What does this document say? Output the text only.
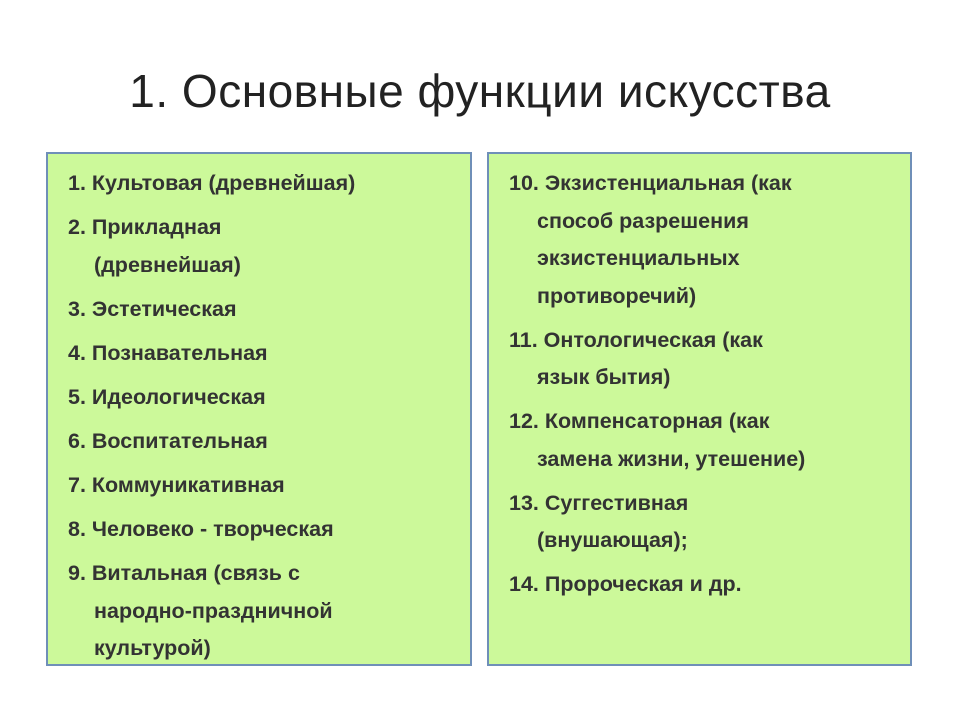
1. Основные функции искусства
1. Культовая (древнейшая)
2. Прикладная
(древнейшая)
3. Эстетическая
4. Познавательная
5. Идеологическая
6. Воспитательная
7. Коммуникативная
8. Человеко - творческая
9. Витальная (связь с
народно-праздничной
культурой)
10. Экзистенциальная (как
способ разрешения
экзистенциальных
противоречий)
11. Онтологическая (как
язык бытия)
12. Компенсаторная (как
замена жизни, утешение)
13. Суггестивная
(внушающая);
14. Пророческая и др.
